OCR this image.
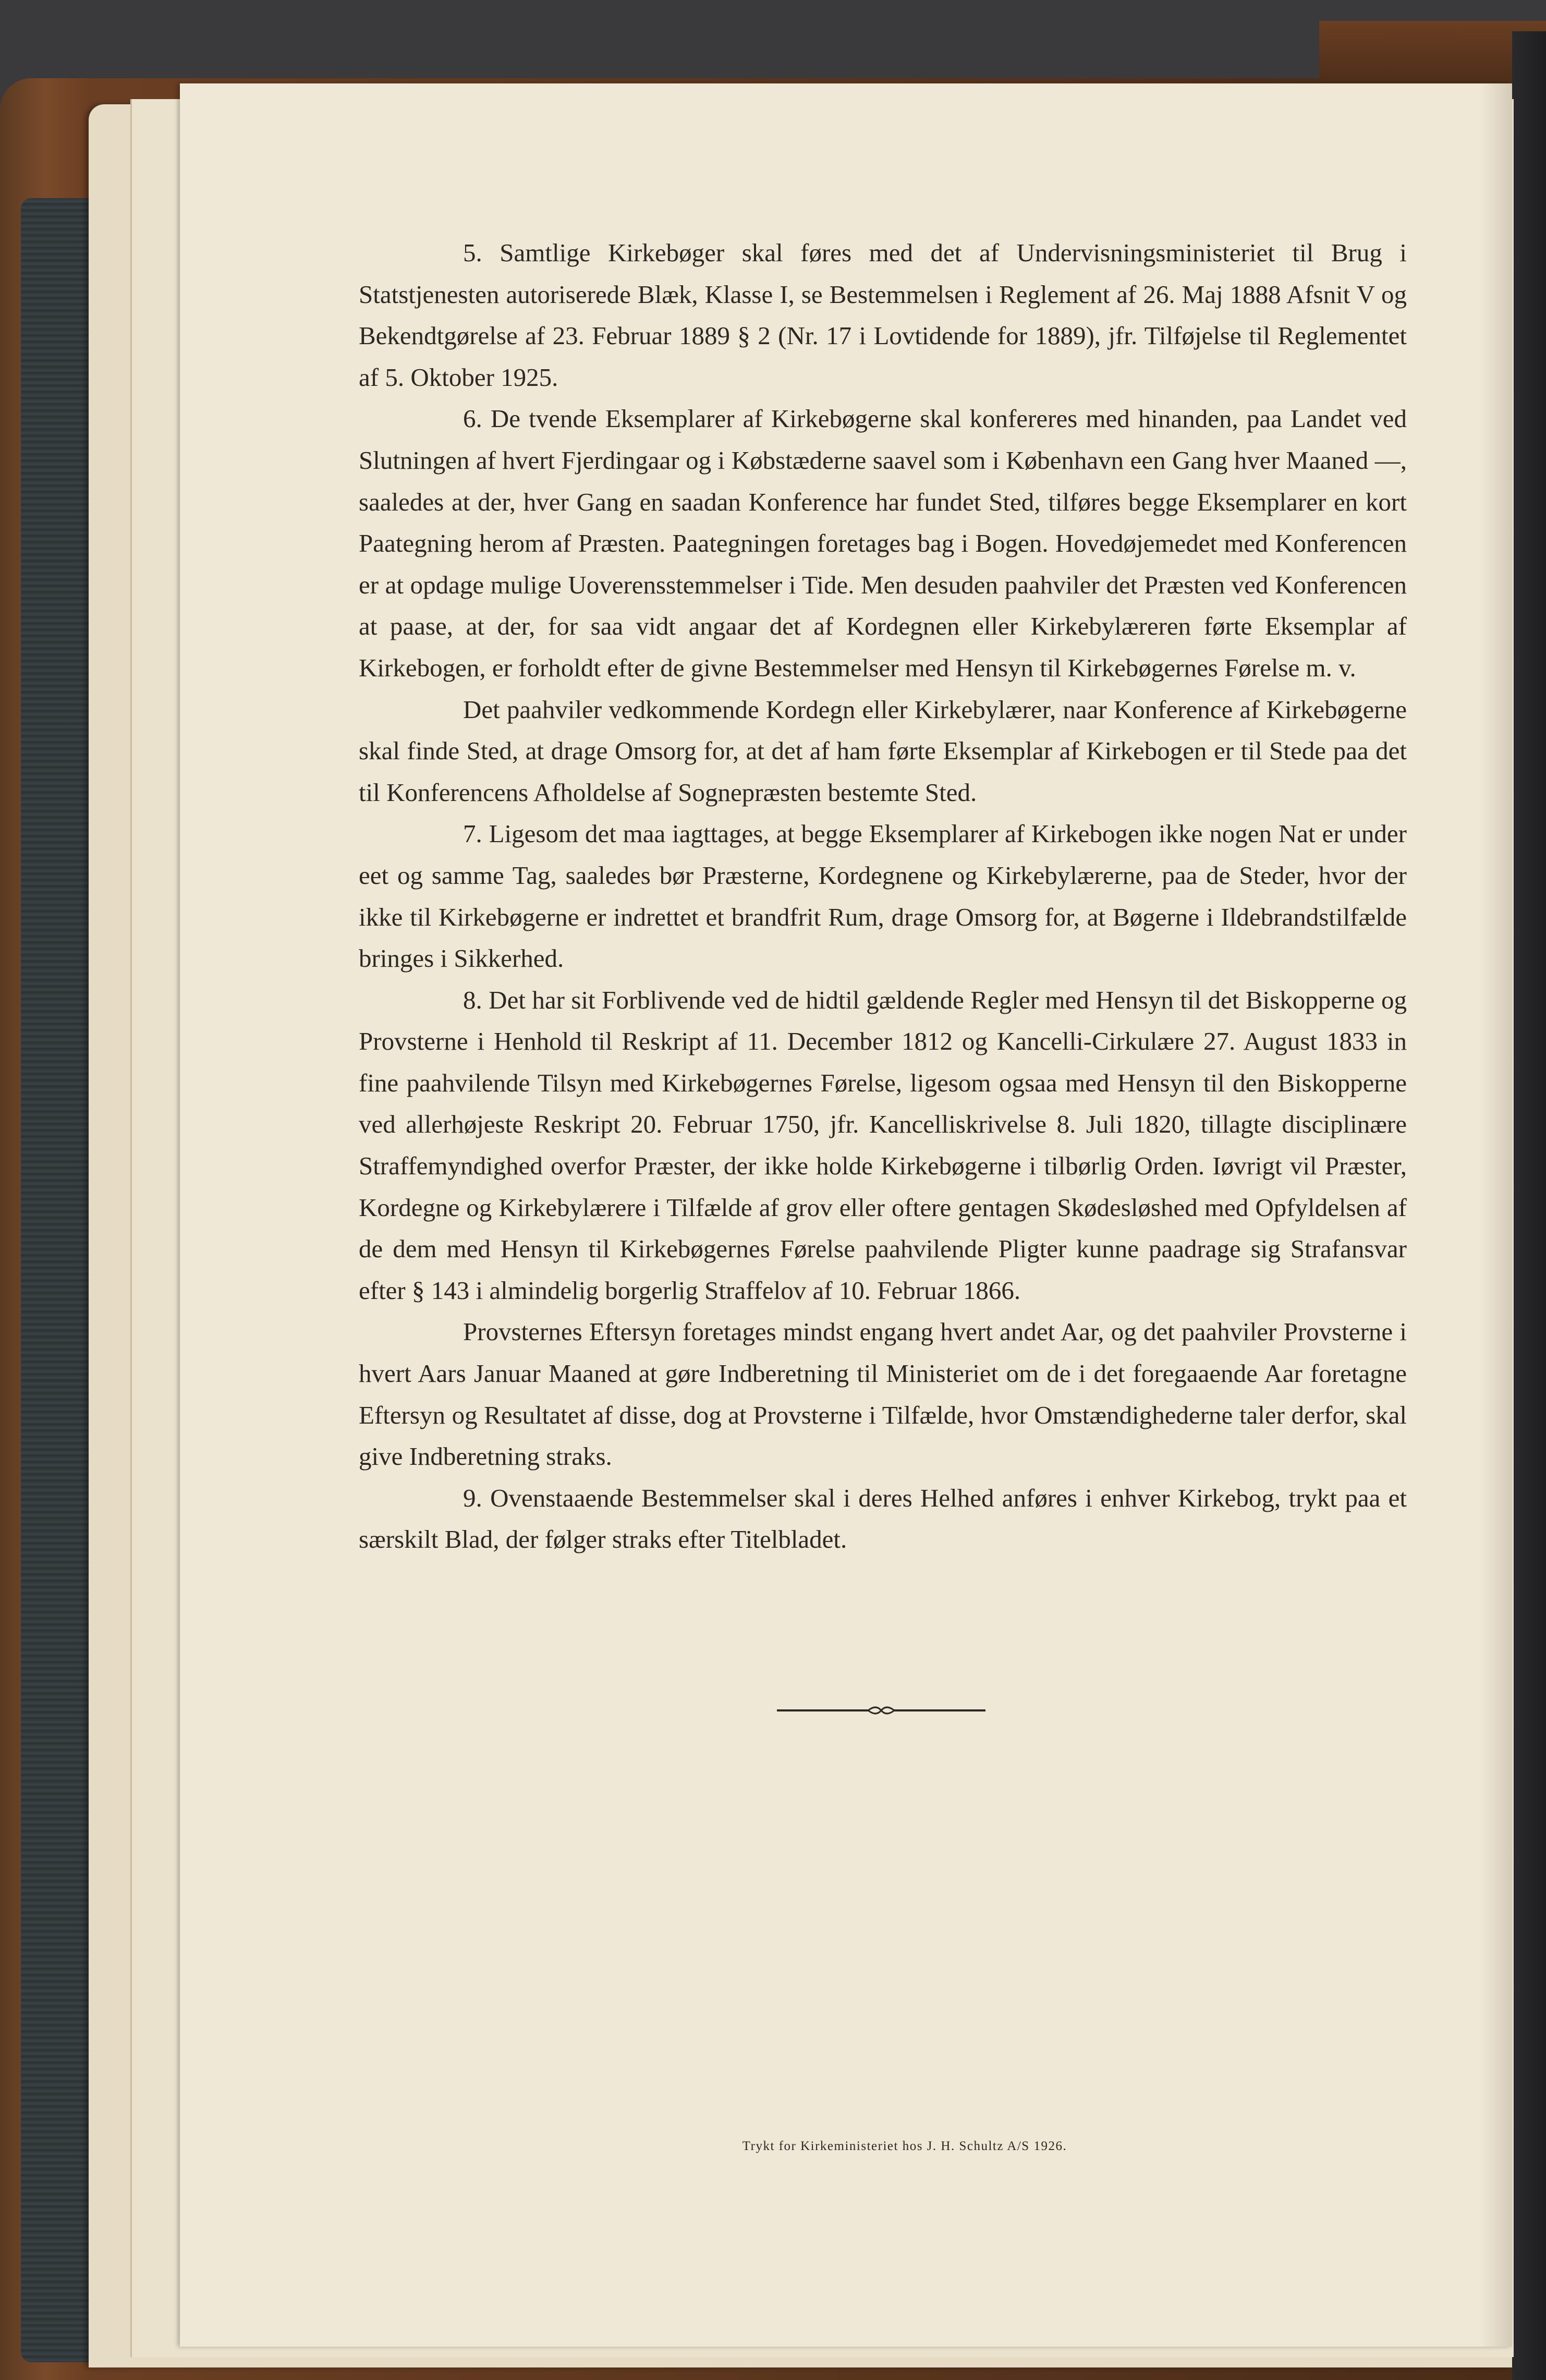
5. Samtlige Kirkebøger skal føres med det af Undervisningsministeriet til Brug i Statstjenesten autoriserede Blæk, Klasse I, se Bestemmelsen i Reglement af 26. Maj 1888 Afsnit V og Bekendtgørelse af 23. Februar 1889 § 2 (Nr. 17 i Lovtidende for 1889), jfr. Tilføjelse til Reglementet af 5. Oktober 1925.

6. De tvende Eksemplarer af Kirkebøgerne skal konfereres med hinanden, paa Landet ved Slutningen af hvert Fjerdingaar og i Købstæderne saavel som i København een Gang hver Maaned —, saaledes at der, hver Gang en saadan Konference har fundet Sted, tilføres begge Eksemplarer en kort Paategning herom af Præsten. Paategningen foretages bag i Bogen. Hovedøjemedet med Konferencen er at opdage mulige Uoverensstemmelser i Tide. Men desuden paahviler det Præsten ved Konferencen at paase, at der, for saa vidt angaar det af Kordegnen eller Kirkebylæreren førte Eksemplar af Kirkebogen, er forholdt efter de givne Bestemmelser med Hensyn til Kirkebøgernes Førelse m. v.

Det paahviler vedkommende Kordegn eller Kirkebylærer, naar Konference af Kirkebøgerne skal finde Sted, at drage Omsorg for, at det af ham førte Eksemplar af Kirkebogen er til Stede paa det til Konferencens Afholdelse af Sognepræsten bestemte Sted.

7. Ligesom det maa iagttages, at begge Eksemplarer af Kirkebogen ikke nogen Nat er under eet og samme Tag, saaledes bør Præsterne, Kordegnene og Kirkebylærerne, paa de Steder, hvor der ikke til Kirkebøgerne er indrettet et brandfrit Rum, drage Omsorg for, at Bøgerne i Ildebrandstilfælde bringes i Sikkerhed.

8. Det har sit Forblivende ved de hidtil gældende Regler med Hensyn til det Biskopperne og Provsterne i Henhold til Reskript af 11. December 1812 og Kancelli-Cirkulære 27. August 1833 in fine paahvilende Tilsyn med Kirkebøgernes Førelse, ligesom ogsaa med Hensyn til den Biskopperne ved allerhøjeste Reskript 20. Februar 1750, jfr. Kancelliskrivelse 8. Juli 1820, tillagte disciplinære Straffemyndighed overfor Præster, der ikke holde Kirkebøgerne i tilbørlig Orden. Iøvrigt vil Præster, Kordegne og Kirkebylærere i Tilfælde af grov eller oftere gentagen Skødesløshed med Opfyldelsen af de dem med Hensyn til Kirkebøgernes Førelse paahvilende Pligter kunne paadrage sig Strafansvar efter § 143 i almindelig borgerlig Straffelov af 10. Februar 1866.

Provsternes Eftersyn foretages mindst engang hvert andet Aar, og det paahviler Provsterne i hvert Aars Januar Maaned at gøre Indberetning til Ministeriet om de i det foregaaende Aar foretagne Eftersyn og Resultatet af disse, dog at Provsterne i Tilfælde, hvor Omstændighederne taler derfor, skal give Indberetning straks.

9. Ovenstaaende Bestemmelser skal i deres Helhed anføres i enhver Kirkebog, trykt paa et særskilt Blad, der følger straks efter Titelbladet.

Trykt for Kirkeministeriet hos J. H. Schultz A/S 1926.
